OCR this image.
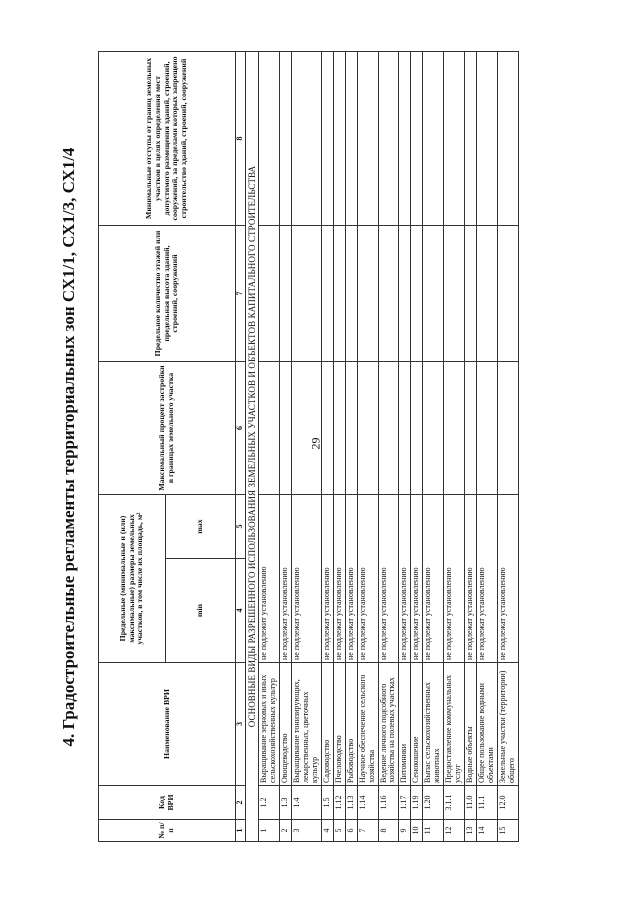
29
4. Градостроительные регламенты территориальных зон СХ1/1, СХ1/3, СХ1/4
№ п/п	Код ВРИ	Наименование ВРИ	Предельные (минимальные и (или) максимальные) размеры земельных участков, в том числе их площадь, м²		Максимальный процент застройки в границах земельного участка	Предельное количество этажей или предельная высота зданий, строений, сооружений	Минимальные отступы от границ земельных участков в целях определения мест допустимого размещения зданий, строений, сооружений, за пределами которых запрещено строительство зданий, строений, сооружений
			min	max			
1	2	3	4	5	6	7	8
ОСНОВНЫЕ ВИДЫ РАЗРЕШЕННОГО ИСПОЛЬЗОВАНИЯ ЗЕМЕЛЬНЫХ УЧАСТКОВ И ОБЪЕКТОВ КАПИТАЛЬНОГО СТРОИТЕЛЬСТВА							
1	1.2	Выращивание зерновых и иных сельскохозяйственных культур	не подлежит установлению				
2	1.3	Овощеводство	не подлежат установлению				
3	1.4	Выращивание тонизирующих, лекарственных, цветочных культур	не подлежат установлению				
4	1.5	Садоводство	не подлежат установлению				
5	1.12	Пчеловодство	не подлежат установлению				
6	1.13	Рыбоводство	не подлежат установлению				
7	1.14	Научное обеспечение сельского хозяйства	не подлежат установлению				
8	1.16	Ведение личного подсобного хозяйства на полевых участках	не подлежат установлению				
9	1.17	Питомники	не подлежат установлению				
10	1.19	Сенокошение	не подлежат установлению				
11	1.20	Выпас сельскохозяйственных животных	не подлежат установлению				
12	3.1.1	Предоставление коммунальных услуг	не подлежат установлению				
13	11.0	Водные объекты	не подлежат установлению				
14	11.1	Общее пользование водными объектами	не подлежат установлению				
15	12.0	Земельные участки (территории) общего	не подлежат установлению				
